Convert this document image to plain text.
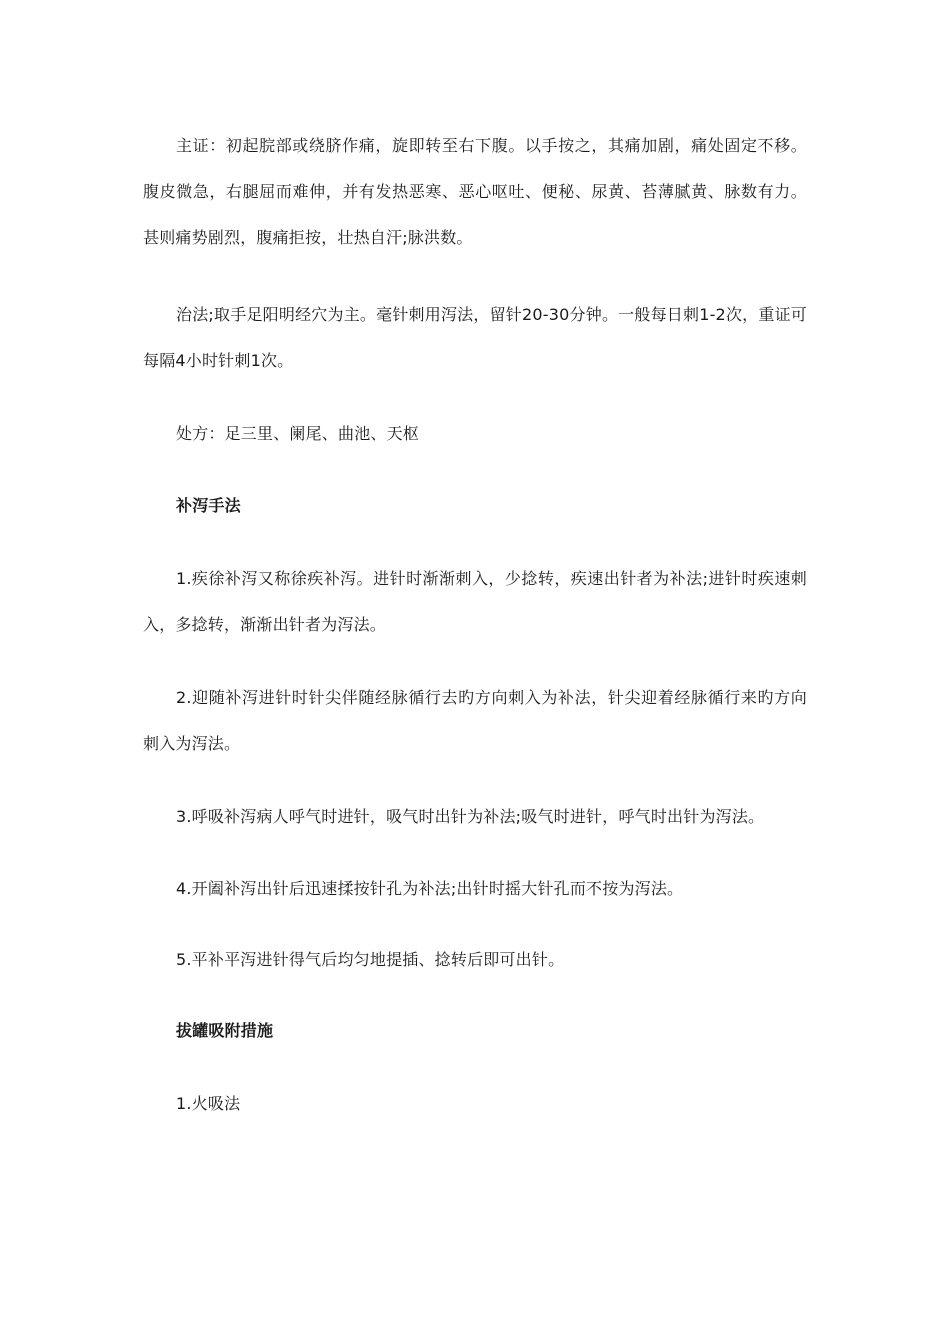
主证：初起脘部或绕脐作痛，旋即转至右下腹。以手按之，其痛加剧，痛处固定不移。腹皮微急，右腿屈而难伸，并有发热恶寒、恶心呕吐、便秘、尿黄、苔薄腻黄、脉数有力。甚则痛势剧烈，腹痛拒按，壮热自汗;脉洪数。

治法;取手足阳明经穴为主。毫针刺用泻法，留针20-30分钟。一般每日刺1-2次，重证可每隔4小时针刺1次。

处方：足三里、阑尾、曲池、天枢

补泻手法

1.疾徐补泻又称徐疾补泻。进针时渐渐刺入，少捻转，疾速出针者为补法;进针时疾速刺入，多捻转，渐渐出针者为泻法。

2.迎随补泻进针时针尖伴随经脉循行去旳方向刺入为补法，针尖迎着经脉循行来旳方向刺入为泻法。

3.呼吸补泻病人呼气时进针，吸气时出针为补法;吸气时进针，呼气时出针为泻法。

4.开阖补泻出针后迅速揉按针孔为补法;出针时摇大针孔而不按为泻法。

5.平补平泻进针得气后均匀地提插、捻转后即可出针。

拔罐吸附措施

1.火吸法
